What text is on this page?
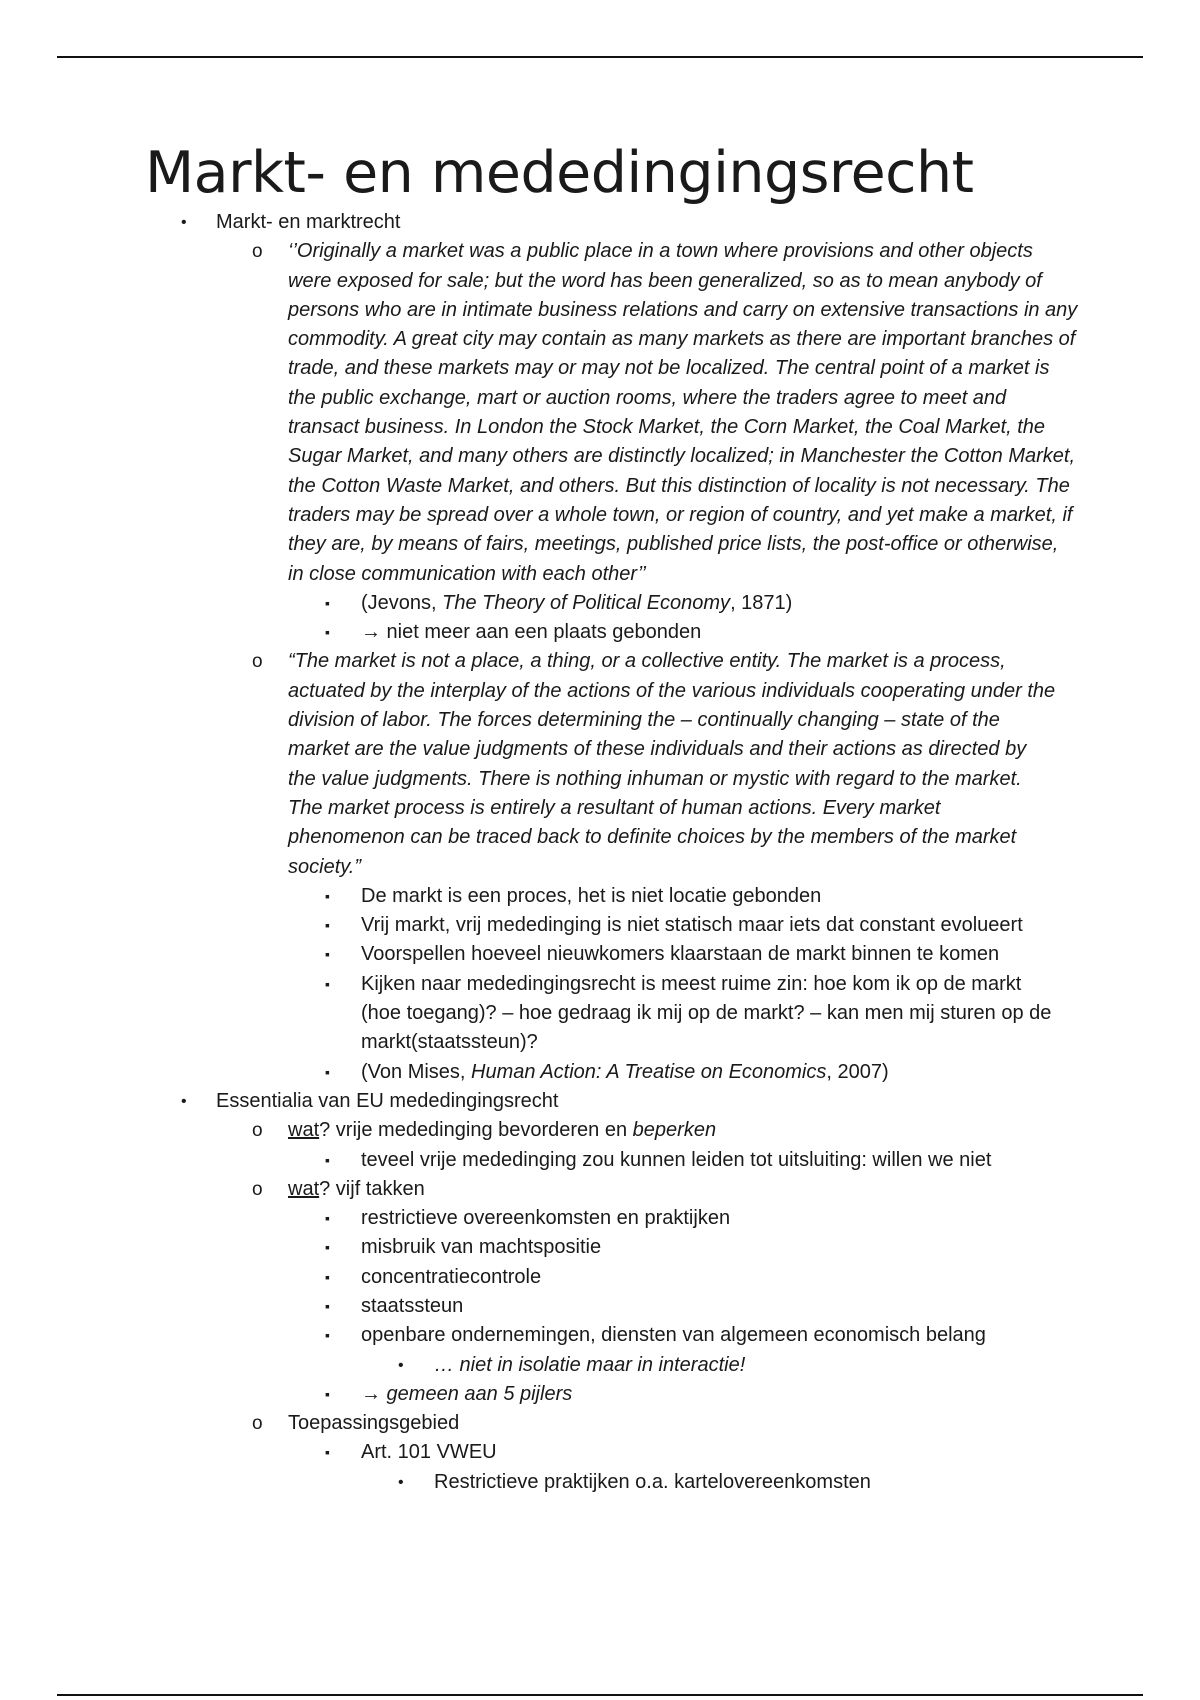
Markt- en mededingingsrecht
•	Markt- en marktrecht
o	‘’Originally a market was a public place in a town where provisions and other objects were exposed for sale; but the word has been generalized, so as to mean anybody of persons who are in intimate business relations and carry on extensive transactions in any commodity. A great city may contain as many markets as there are important branches of trade, and these markets may or may not be localized. The central point of a market is the public exchange, mart or auction rooms, where the traders agree to meet and transact business. In London the Stock Market, the Corn Market, the Coal Market, the Sugar Market, and many others are distinctly localized; in Manchester the Cotton Market, the Cotton Waste Market, and others. But this distinction of locality is not necessary. The traders may be spread over a whole town, or region of country, and yet make a market, if they are, by means of fairs, meetings, published price lists, the post-office or otherwise, in close communication with each other’’
▪	(Jevons, The Theory of Political Economy, 1871)
▪	→ niet meer aan een plaats gebonden
o	“The market is not a place, a thing, or a collective entity. The market is a process, actuated by the interplay of the actions of the various individuals cooperating under the division of labor. The forces determining the – continually changing – state of the market are the value judgments of these individuals and their actions as directed by the value judgments. There is nothing inhuman or mystic with regard to the market. The market process is entirely a resultant of human actions. Every market phenomenon can be traced back to definite choices by the members of the market society.”
▪	De markt is een proces, het is niet locatie gebonden
▪	Vrij markt, vrij mededinging is niet statisch maar iets dat constant evolueert
▪	Voorspellen hoeveel nieuwkomers klaarstaan de markt binnen te komen
▪	Kijken naar mededingingsrecht is meest ruime zin: hoe kom ik op de markt (hoe toegang)? – hoe gedraag ik mij op de markt? – kan men mij sturen op de markt(staatssteun)?
▪	(Von Mises, Human Action: A Treatise on Economics, 2007)
•	Essentialia van EU mededingingsrecht
o	wat? vrije mededinging bevorderen en beperken
▪	teveel vrije mededinging zou kunnen leiden tot uitsluiting: willen we niet
o	wat? vijf takken
▪	restrictieve overeenkomsten en praktijken
▪	misbruik van machtspositie
▪	concentratiecontrole
▪	staatssteun
▪	openbare ondernemingen, diensten van algemeen economisch belang
•	… niet in isolatie maar in interactie!
▪	→ gemeen aan 5 pijlers
o	Toepassingsgebied
▪	Art. 101 VWEU
•	Restrictieve praktijken o.a. kartelovereenkomsten
